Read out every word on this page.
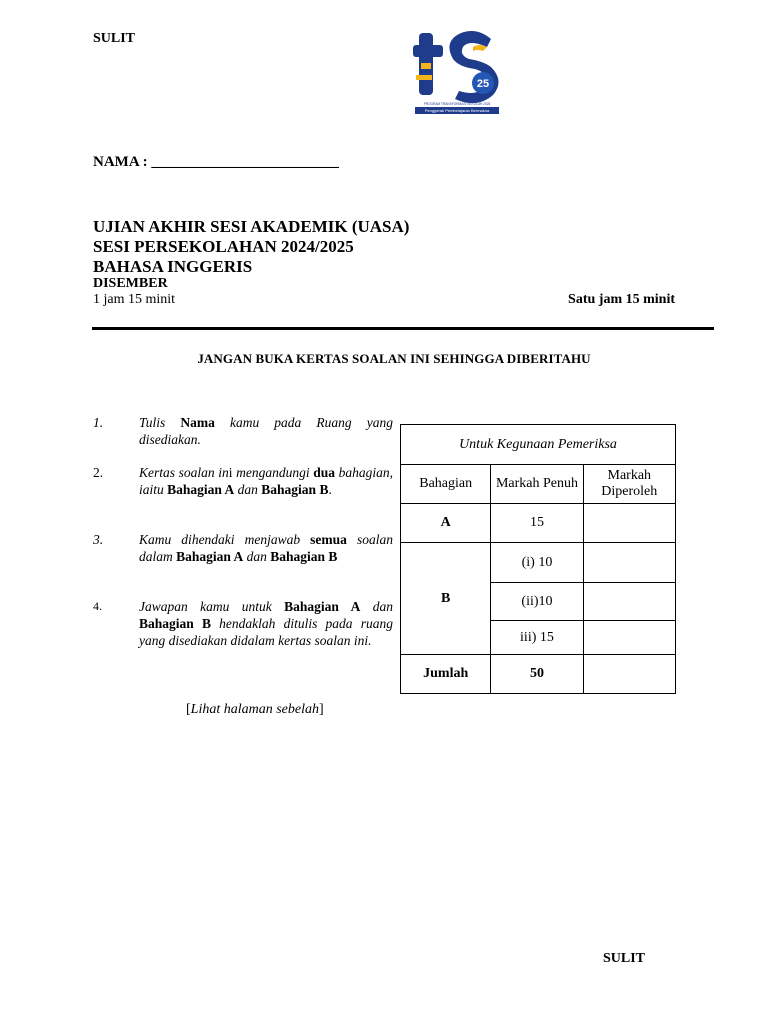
SULIT
25
PROGRAM TRANSFORMASI SEKOLAH 2025
Penggerak Pembelajaran Bermakna
NAMA : _________________________
UJIAN AKHIR SESI AKADEMIK (UASA)
SESI PERSEKOLAHAN 2024/2025
BAHASA INGGERIS
DISEMBER
1 jam 15 minit	Satu jam 15 minit
JANGAN BUKA KERTAS SOALAN INI SEHINGGA DIBERITAHU
1.	Tulis Nama kamu pada Ruang yang disediakan.
2.	Kertas soalan ini mengandungi dua bahagian, iaitu Bahagian A dan Bahagian B.
3.	Kamu dihendaki menjawab semua soalan dalam Bahagian A dan Bahagian B
4.	Jawapan kamu untuk Bahagian A dan Bahagian B hendaklah ditulis pada ruang yang disediakan didalam kertas soalan ini.
[Lihat halaman sebelah]
Untuk Kegunaan Pemeriksa		
Bahagian	Markah Penuh	Markah Diperoleh
A	15	
B	(i) 10	
	(ii)10	
	iii) 15	
Jumlah	50	
SULIT
